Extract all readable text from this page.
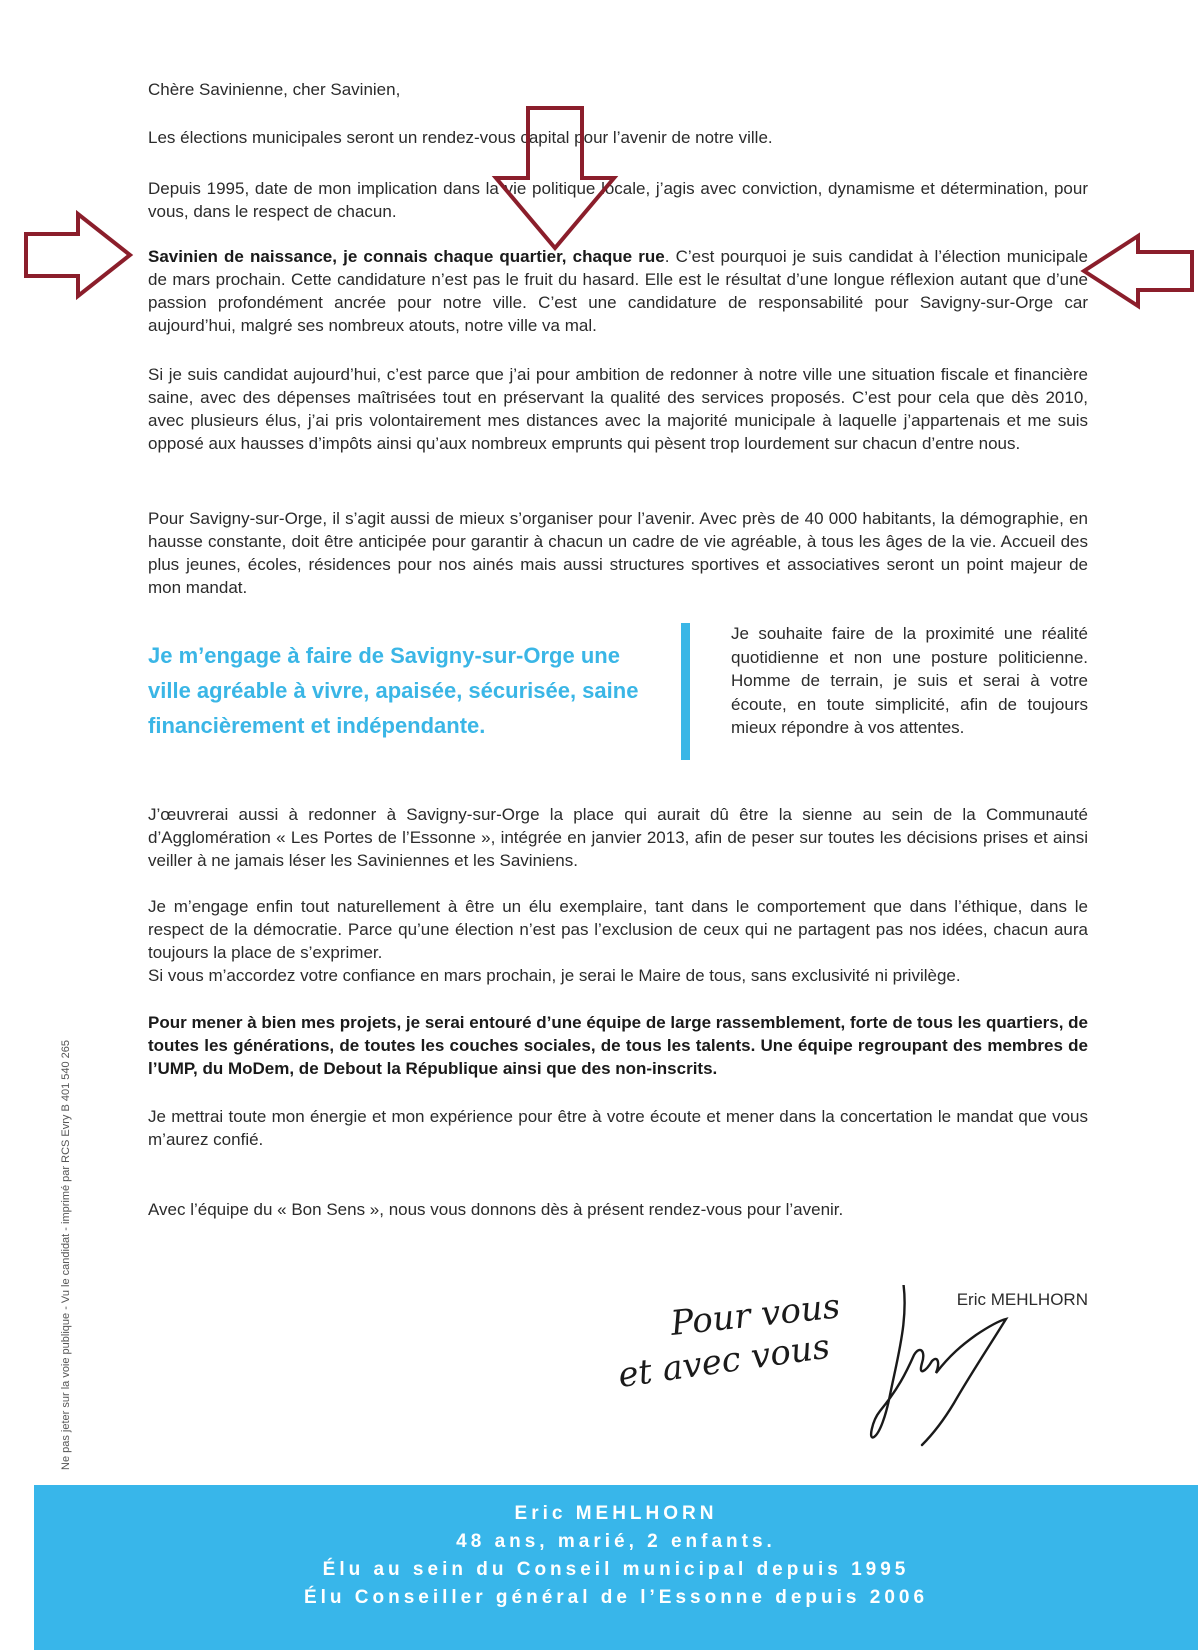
Chère Savinienne, cher Savinien,

Les élections municipales seront un rendez-vous capital pour l’avenir de notre ville.

Depuis 1995, date de mon implication dans la vie politique locale, j’agis avec conviction, dynamisme et détermination, pour vous, dans le respect de chacun.

Savinien de naissance, je connais chaque quartier, chaque rue. C’est pourquoi je suis candidat à l’élection municipale de mars prochain. Cette candidature n’est pas le fruit du hasard. Elle est le résultat d’une longue réflexion autant que d’une passion profondément ancrée pour notre ville. C’est une candidature de responsabilité pour Savigny-sur-Orge car aujourd’hui, malgré ses nombreux atouts, notre ville va mal.

Si je suis candidat aujourd’hui, c’est parce que j’ai pour ambition de redonner à notre ville une situation fiscale et financière saine, avec des dépenses maîtrisées tout en préservant la qualité des services proposés. C’est pour cela que dès 2010, avec plusieurs élus, j’ai pris volontairement mes distances avec la majorité municipale à laquelle j’appartenais et me suis opposé aux hausses d’impôts ainsi qu’aux nombreux emprunts qui pèsent trop lourdement sur chacun d’entre nous.

Pour Savigny-sur-Orge, il s’agit aussi de mieux s’organiser pour l’avenir. Avec près de 40 000 habitants, la démographie, en hausse constante, doit être anticipée pour garantir à chacun un cadre de vie agréable, à tous les âges de la vie. Accueil des plus jeunes, écoles, résidences pour nos ainés mais aussi structures sportives et associatives seront un point majeur de mon mandat.

Je m’engage à faire de Savigny-sur-Orge une ville agréable à vivre, apaisée, sécurisée, saine financièrement et indépendante.
Je souhaite faire de la proximité une réalité quotidienne et non une posture politicienne. Homme de terrain, je suis et serai à votre écoute, en toute simplicité, afin de toujours mieux répondre à vos attentes.

J’œuvrerai aussi à redonner à Savigny-sur-Orge la place qui aurait dû être la sienne au sein de la Communauté d’Agglomération « Les Portes de l’Essonne », intégrée en janvier 2013, afin de peser sur toutes les décisions prises et ainsi veiller à ne jamais léser les Saviniennes et les Saviniens.

Je m’engage enfin tout naturellement à être un élu exemplaire, tant dans le comportement que dans l’éthique, dans le respect de la démocratie. Parce qu’une élection n’est pas l’exclusion de ceux qui ne partagent pas nos idées, chacun aura toujours la place de s’exprimer.

Si vous m’accordez votre confiance en mars prochain, je serai le Maire de tous, sans exclusivité ni privilège.

Pour mener à bien mes projets, je serai entouré d’une équipe de large rassemblement, forte de tous les quartiers, de toutes les générations, de toutes les couches sociales, de tous les talents. Une équipe regroupant des membres de l’UMP, du MoDem, de Debout la République ainsi que des non-inscrits.

Je mettrai toute mon énergie et mon expérience pour être à votre écoute et mener dans la concertation le mandat que vous m’aurez confié.

Avec l’équipe du « Bon Sens », nous vous donnons dès à présent rendez-vous pour l’avenir.

Eric MEHLHORN
Pour vous
et avec vous
Ne pas jeter sur la voie publique - Vu le candidat - imprimé par RCS Evry B 401 540 265
Eric MEHLHORN
48 ans, marié, 2 enfants.
Élu au sein du Conseil municipal depuis 1995
Élu Conseiller général de l’Essonne depuis 2006
